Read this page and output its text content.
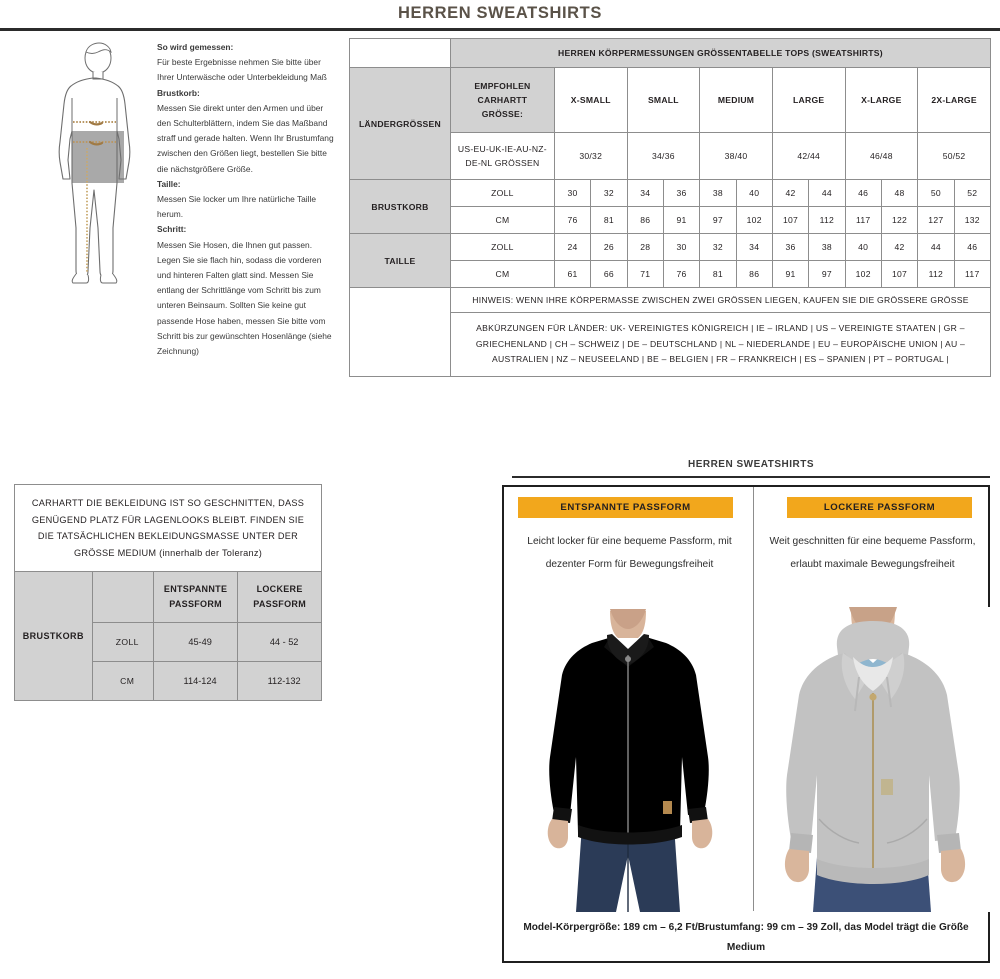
HERREN SWEATSHIRTS

So wird gemessen:

Für beste Ergebnisse nehmen Sie bitte über Ihrer Unterwäsche oder Unterbekleidung Maß

Brustkorb:

Messen Sie direkt unter den Armen und über den Schulterblättern, indem Sie das Maßband straff und gerade halten. Wenn Ihr Brustumfang zwischen den Größen liegt, bestellen Sie bitte die nächstgrößere Größe.

Taille:

Messen Sie locker um Ihre natürliche Taille herum.

Schritt:

Messen Sie Hosen, die Ihnen gut passen. Legen Sie sie flach hin, sodass die vorderen und hinteren Falten glatt sind. Messen Sie entlang der Schrittlänge vom Schritt bis zum unteren Beinsaum. Sollten Sie keine gut passende Hose haben, messen Sie bitte vom Schritt bis zur gewünschten Hosenlänge (siehe Zeichnung)

	HERREN KÖRPERMESSUNGEN GRÖSSENTABELLE TOPS (SWEATSHIRTS)												
LÄNDERGRÖSSEN	EMPFOHLEN CARHARTT GRÖSSE:	X-SMALL		SMALL		MEDIUM		LARGE		X-LARGE		2X-LARGE	
	US-EU-UK-IE-AU-NZ-DE-NL GRÖSSEN	30/32		34/36		38/40		42/44		46/48		50/52	
BRUSTKORB	ZOLL	30	32	34	36	38	40	42	44	46	48	50	52
	CM	76	81	86	91	97	102	107	112	117	122	127	132
TAILLE	ZOLL	24	26	28	30	32	34	36	38	40	42	44	46
	CM	61	66	71	76	81	86	91	97	102	107	112	117
	HINWEIS: WENN IHRE KÖRPERMASSE ZWISCHEN ZWEI GRÖSSEN LIEGEN, KAUFEN SIE DIE GRÖSSERE GRÖSSE												
	ABKÜRZUNGEN FÜR LÄNDER: UK- VEREINIGTES KÖNIGREICH | IE – IRLAND | US – VEREINIGTE STAATEN | GR – GRIECHENLAND | CH – SCHWEIZ | DE – DEUTSCHLAND | NL – NIEDERLANDE | EU – EUROPÄISCHE UNION | AU – AUSTRALIEN | NZ – NEUSEELAND | BE – BELGIEN | FR – FRANKREICH | ES – SPANIEN | PT – PORTUGAL |												
CARHARTT DIE BEKLEIDUNG IST SO GESCHNITTEN, DASS GENÜGEND PLATZ FÜR LAGENLOOKS BLEIBT. FINDEN SIE DIE TATSÄCHLICHEN BEKLEIDUNGSMASSE UNTER DER GRÖSSE MEDIUM (innerhalb der Toleranz)			
BRUSTKORB		ENTSPANNTE PASSFORM	LOCKERE PASSFORM
	ZOLL	45-49	44 - 52
	CM	114-124	112-132
HERREN SWEATSHIRTS
ENTSPANNTE PASSFORM
Leicht locker für eine bequeme Passform, mit dezenter Form für Bewegungsfreiheit
LOCKERE PASSFORM
Weit geschnitten für eine bequeme Passform, erlaubt maximale Bewegungsfreiheit
Model-Körpergröße: 189 cm – 6,2 Ft/Brustumfang: 99 cm – 39 Zoll, das Model trägt die Größe Medium
